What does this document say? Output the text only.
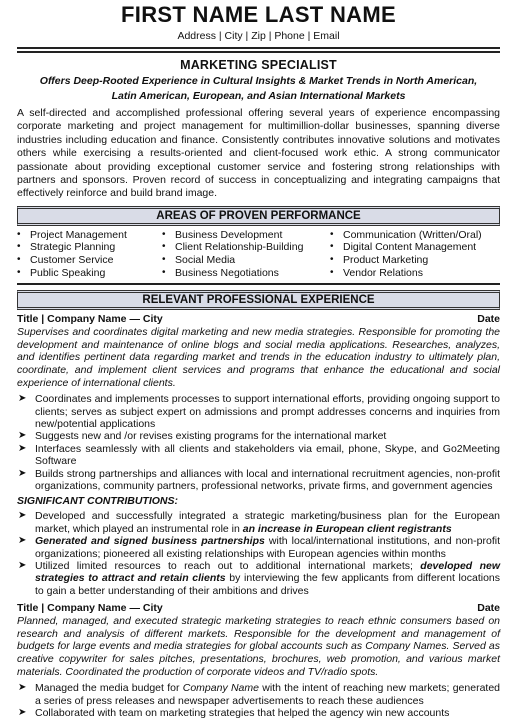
FIRST NAME LAST NAME
Address | City | Zip | Phone | Email
MARKETING SPECIALIST
Offers Deep-Rooted Experience in Cultural Insights & Market Trends in North American,
Latin American, European, and Asian International Markets
A self-directed and accomplished professional offering several years of experience encompassing corporate marketing and project management for multimillion-dollar businesses, spanning diverse industries including education and finance. Consistently contributes innovative solutions and motivates others while exercising a results-oriented and client-focused work ethic. A strong communicator passionate about providing exceptional customer service and fostering strong relationships with partners and sponsors. Proven record of success in conceptualizing and integrating campaigns that effectively reinforce and build brand image.
AREAS OF PROVEN PERFORMANCE
• Project Management
• Strategic Planning
• Customer Service
• Public Speaking
• Business Development
• Client Relationship-Building
• Social Media
• Business Negotiations
• Communication (Written/Oral)
• Digital Content Management
• Product Marketing
• Vendor Relations
RELEVANT PROFESSIONAL EXPERIENCE
Title | Company Name — City	Date
Supervises and coordinates digital marketing and new media strategies. Responsible for promoting the development and maintenance of online blogs and social media applications. Researches, analyzes, and identifies pertinent data regarding market and trends in the education industry to ultimately plan, coordinate, and implement client services and programs that enhance the educational and social experience of international clients.
➤ Coordinates and implements processes to support international efforts, providing ongoing support to clients; serves as subject expert on admissions and prompt addresses concerns and inquiries from new/potential applications
➤ Suggests new and /or revises existing programs for the international market
➤ Interfaces seamlessly with all clients and stakeholders via email, phone, Skype, and Go2Meeting Software
➤ Builds strong partnerships and alliances with local and international recruitment agencies, non-profit organizations, community partners, professional networks, private firms, and government agencies
SIGNIFICANT CONTRIBUTIONS:
➤ Developed and successfully integrated a strategic marketing/business plan for the European market, which played an instrumental role in an increase in European client registrants
➤ Generated and signed business partnerships with local/international institutions, and non-profit organizations; pioneered all existing relationships with European agencies within months
➤ Utilized limited resources to reach out to additional international markets; developed new strategies to attract and retain clients by interviewing the few applicants from different locations to gain a better understanding of their ambitions and drives
Title | Company Name — City	Date
Planned, managed, and executed strategic marketing strategies to reach ethnic consumers based on research and analysis of different markets. Responsible for the development and management of budgets for large events and media strategies for global accounts such as Company Names. Served as creative copywriter for sales pitches, presentations, brochures, web promotion, and various market materials. Coordinated the production of corporate videos and TV/radio spots.
➤ Managed the media budget for Company Name with the intent of reaching new markets; generated a series of press releases and newspaper advertisements to reach these audiences
➤ Collaborated with team on marketing strategies that helped the agency win new accounts
